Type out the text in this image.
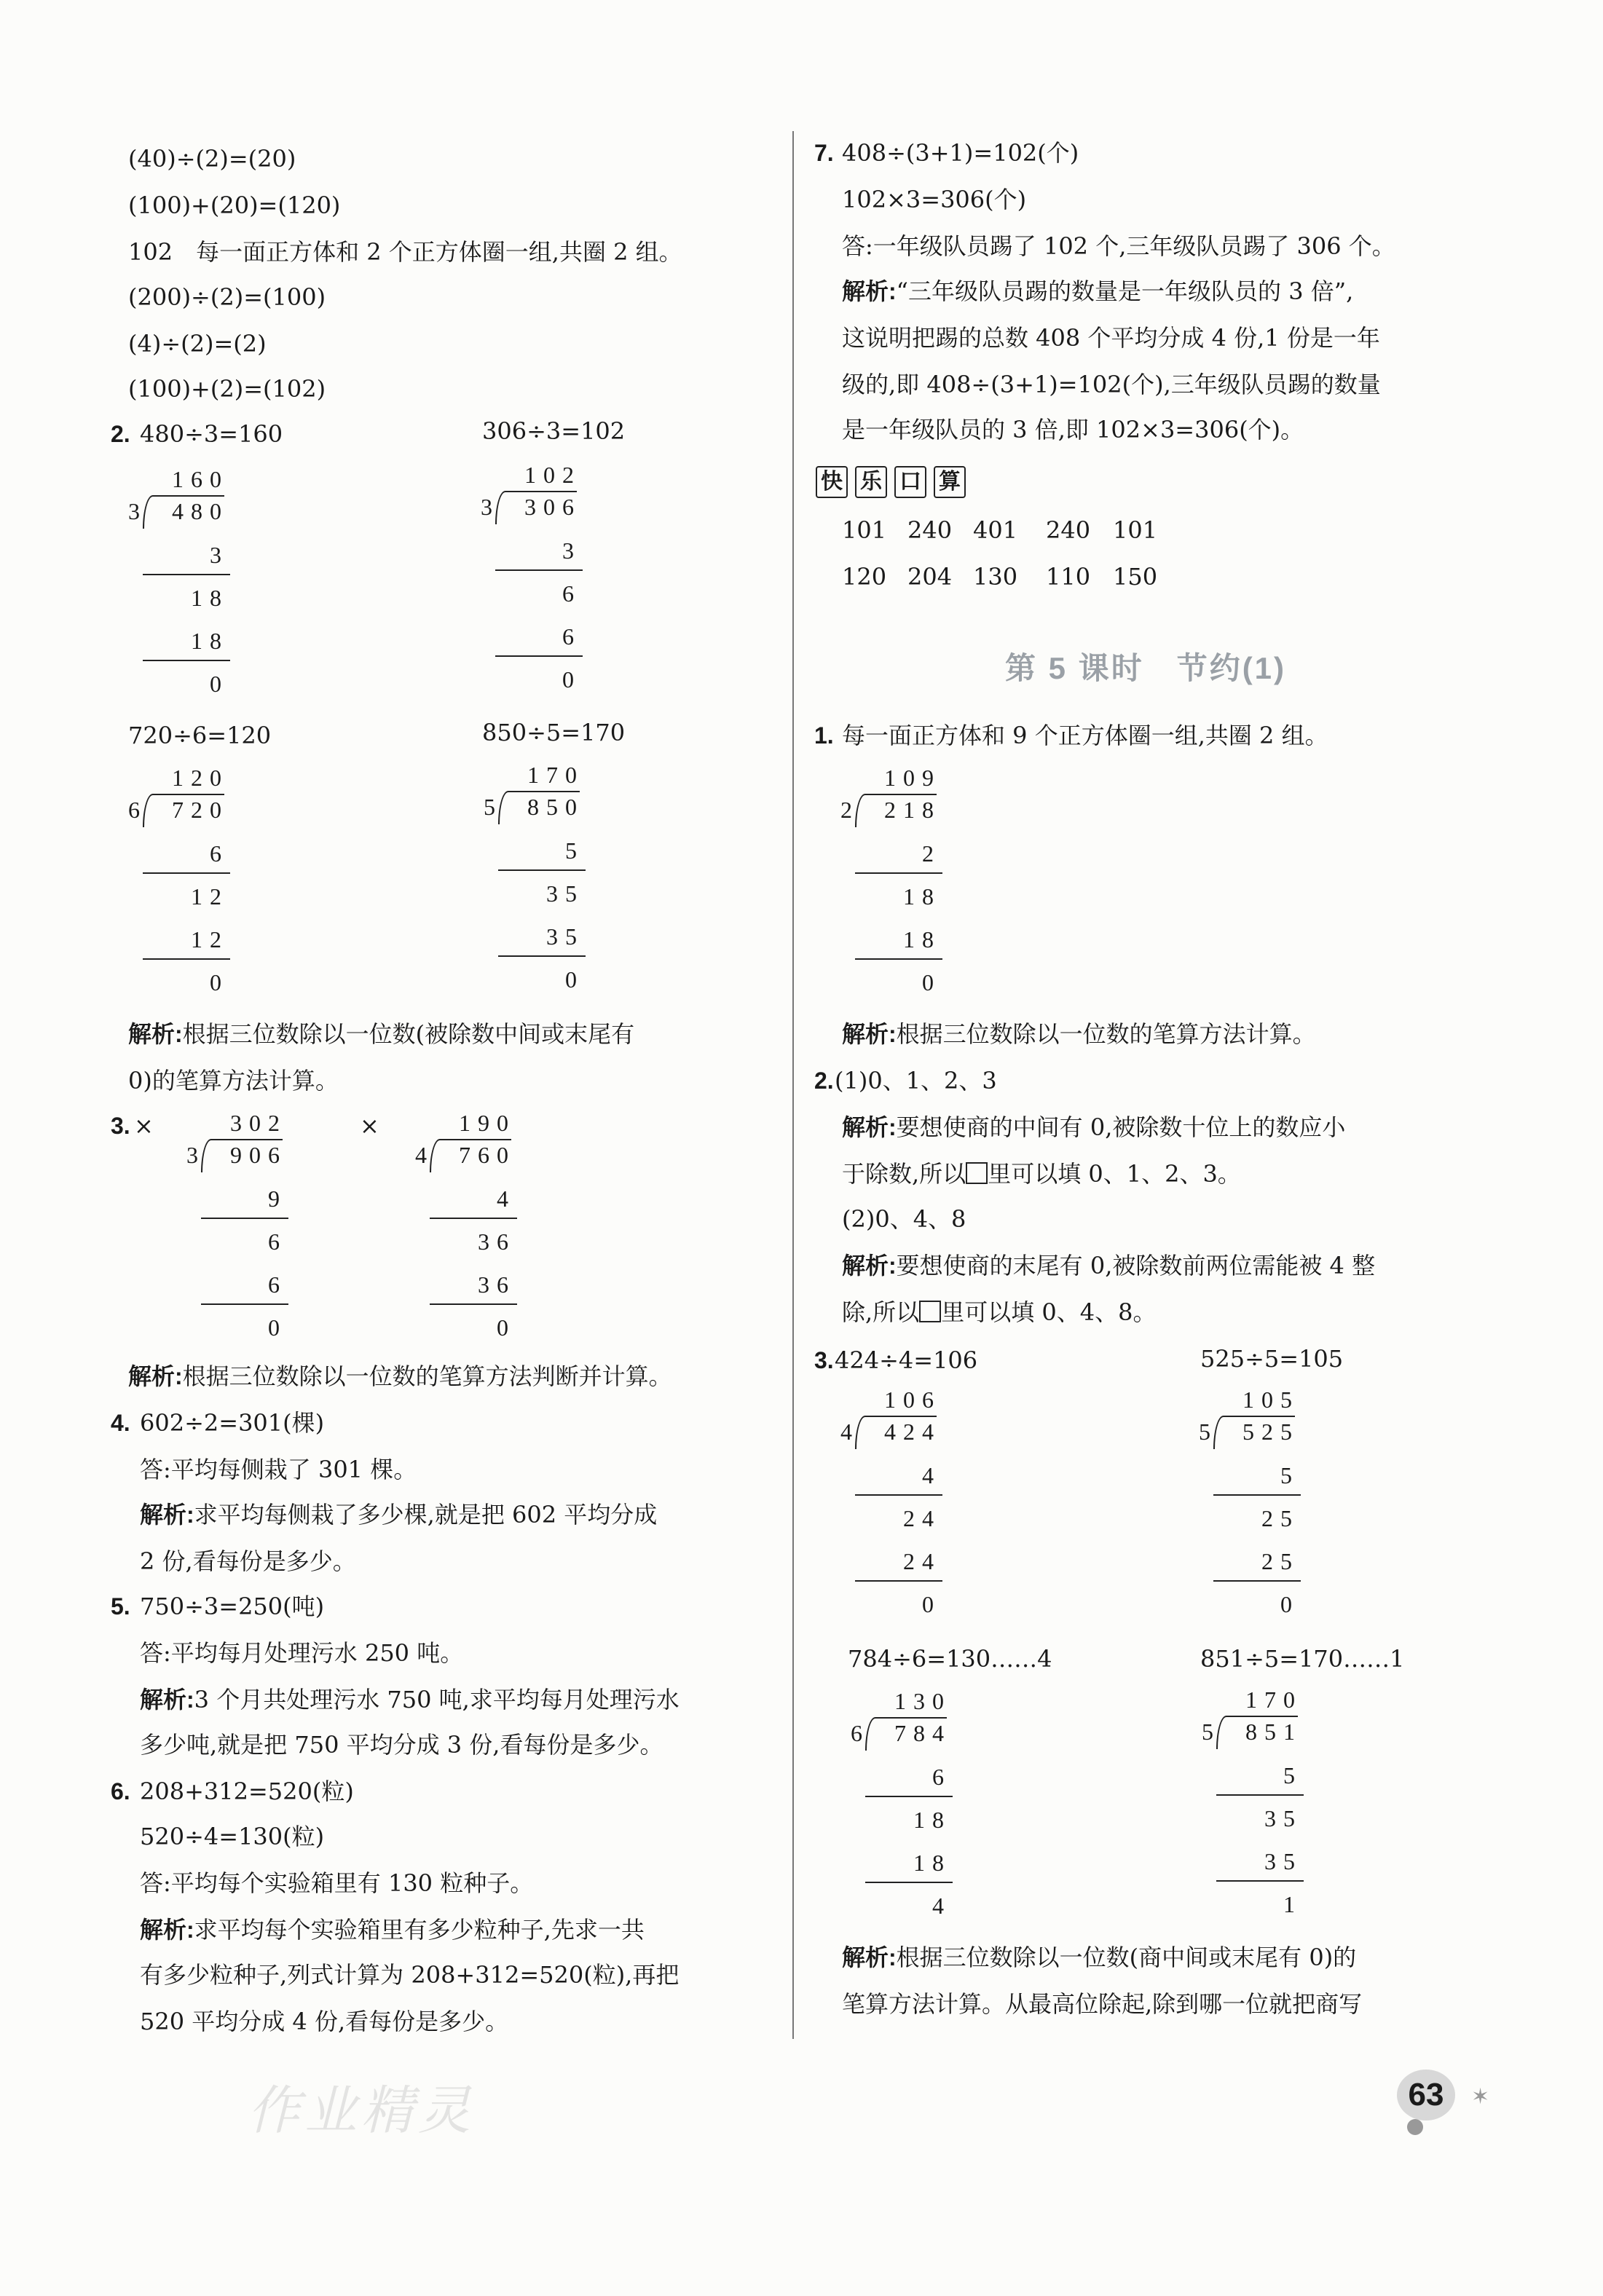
(40)÷(2)=(20)
(100)+(20)=(120)
102　每一面正方体和 2 个正方体圈一组,共圈 2 组。
(200)÷(2)=(100)
(4)÷(2)=(2)
(100)+(2)=(102)
2. 480÷3=160	306÷3=102
160
3 480
3
18
18
0
102
3 306
3
6
6
0
720÷6=120	850÷5=170
120
6 720
6
12
12
0
170
5 850
5
35
35
0
解析:根据三位数除以一位数(被除数中间或末尾有
0)的笔算方法计算。
3. ×	×
302
3 906
9
6
6
0
190
4 760
4
36
36
0
解析:根据三位数除以一位数的笔算方法判断并计算。
4. 602÷2=301(棵)
答:平均每侧栽了 301 棵。
解析:求平均每侧栽了多少棵,就是把 602 平均分成
2 份,看每份是多少。
5. 750÷3=250(吨)
答:平均每月处理污水 250 吨。
解析:3 个月共处理污水 750 吨,求平均每月处理污水
多少吨,就是把 750 平均分成 3 份,看每份是多少。
6. 208+312=520(粒)
520÷4=130(粒)
答:平均每个实验箱里有 130 粒种子。
解析:求平均每个实验箱里有多少粒种子,先求一共
有多少粒种子,列式计算为 208+312=520(粒),再把
520 平均分成 4 份,看每份是多少。
7. 408÷(3+1)=102(个)
102×3=306(个)
答:一年级队员踢了 102 个,三年级队员踢了 306 个。
解析:“三年级队员踢的数量是一年级队员的 3 倍”,
这说明把踢的总数 408 个平均分成 4 份,1 份是一年
级的,即 408÷(3+1)=102(个),三年级队员踢的数量
是一年级队员的 3 倍,即 102×3=306(个)。
快 乐 口 算
101 240 401 240 101
120 204 130 110 150
第 5 课时　节约(1)
1. 每一面正方体和 9 个正方体圈一组,共圈 2 组。
109
2 218
2
18
18
0
解析:根据三位数除以一位数的笔算方法计算。
2. (1)0、1、2、3
解析:要想使商的中间有 0,被除数十位上的数应小
于除数,所以 里可以填 0、1、2、3。
(2)0、4、8
解析:要想使商的末尾有 0,被除数前两位需能被 4 整
除,所以 里可以填 0、4、8。
3. 424÷4=106	525÷5=105
106
4 424
4
24
24
0
105
5 525
5
25
25
0
784÷6=130……4	851÷5=170……1
130
6 784
6
18
18
4
170
5 851
5
35
35
1
解析:根据三位数除以一位数(商中间或末尾有 0)的
笔算方法计算。从最高位除起,除到哪一位就把商写
作业精灵	63	✶
